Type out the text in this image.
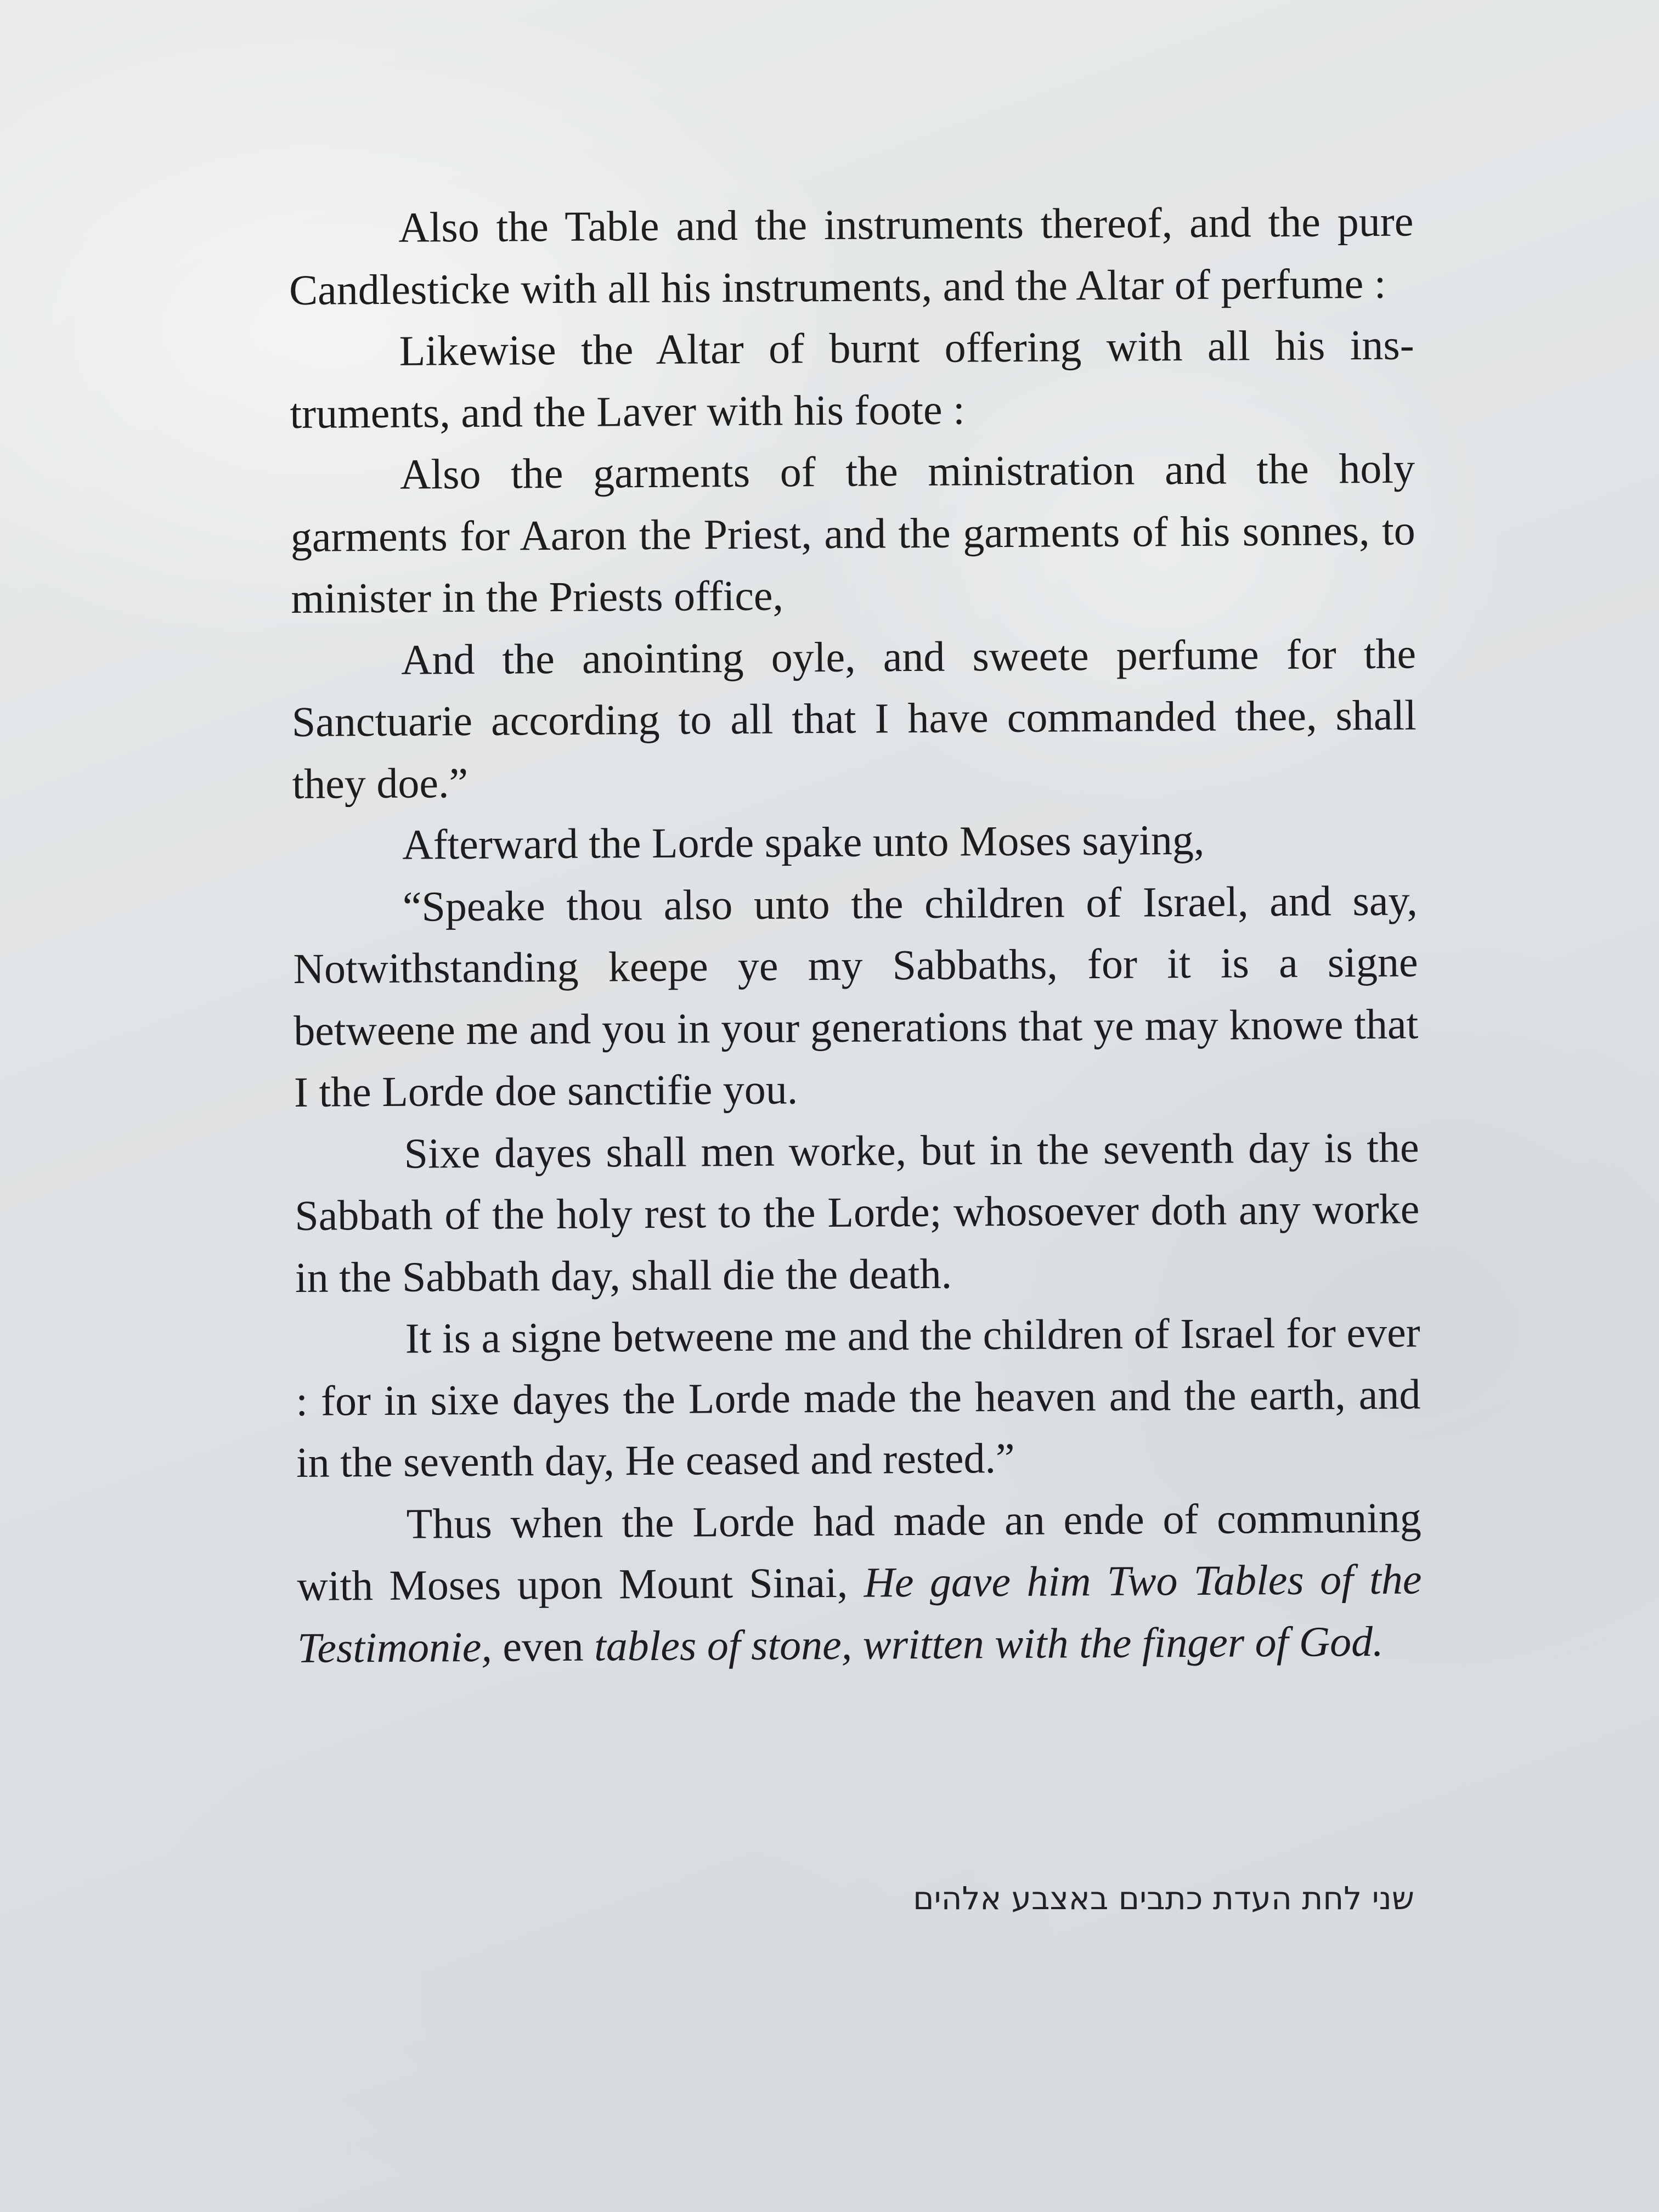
Also the Table and the instruments thereof, and the pure Candlesticke with all his instruments, and the Altar of perfume :

Likewise the Altar of burnt offering with all his ins-truments, and the Laver with his foote :

Also the garments of the ministration and the holy garments for Aaron the Priest, and the garments of his sonnes, to minister in the Priests office,

And the anointing oyle, and sweete perfume for the Sanctuarie according to all that I have commanded thee, shall they doe.”

Afterward the Lorde spake unto Moses saying,

“Speake thou also unto the children of Israel, and say, Notwithstanding keepe ye my Sabbaths, for it is a signe betweene me and you in your generations that ye may knowe that I the Lorde doe sanctifie you.

Sixe dayes shall men worke, but in the seventh day is the Sabbath of the holy rest to the Lorde; whosoever doth any worke in the Sabbath day, shall die the death.

It is a signe betweene me and the children of Israel for ever : for in sixe dayes the Lorde made the heaven and the earth, and in the seventh day, He ceased and rested.”

Thus when the Lorde had made an ende of communing with Moses upon Mount Sinai, He gave him Two Tables of the Testimonie, even tables of stone, written with the finger of God.

שני לחת העדת כתבים באצבע אלהים
